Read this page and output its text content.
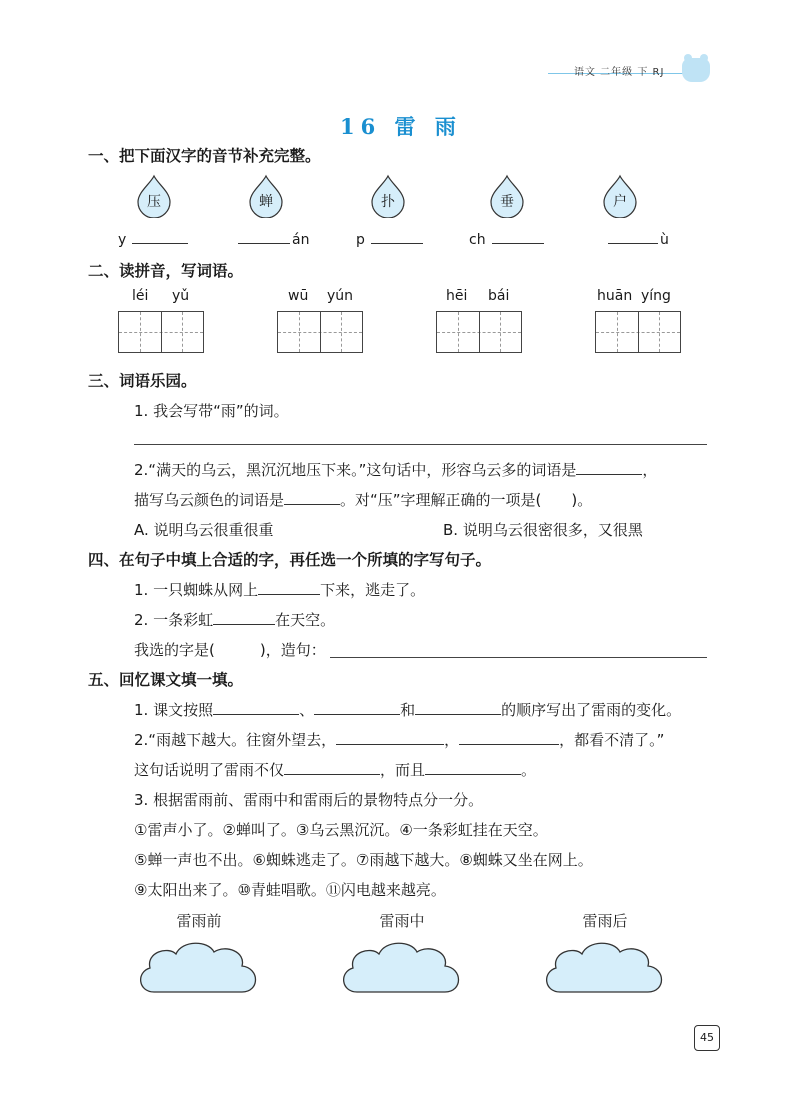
语文 二年级 下 RJ
16 雷 雨
一、把下面汉字的音节补充完整。
压	蝉	扑	垂	户
y	án	p	ch	ù
二、读拼音，写词语。
léi yǔ	wū yún	hēi bái	huān yíng
三、词语乐园。
1. 我会写带“雨”的词。
2.“满天的乌云，黑沉沉地压下来。”这句话中，形容乌云多的词语是	，
描写乌云颜色的词语是	。对“压”字理解正确的一项是(　　)。
A. 说明乌云很重很重	B. 说明乌云很密很多，又很黑
四、在句子中填上合适的字，再任选一个所填的字写句子。
1. 一只蜘蛛从网上	下来，逃走了。
2. 一条彩虹	在天空。
我选的字是(　　　)，造句：
五、回忆课文填一填。
1. 课文按照	、	和	的顺序写出了雷雨的变化。
2.“雨越下越大。往窗外望去，	，	，都看不清了。”
这句话说明了雷雨不仅	，而且	。
3. 根据雷雨前、雷雨中和雷雨后的景物特点分一分。
①雷声小了。②蝉叫了。③乌云黑沉沉。④一条彩虹挂在天空。
⑤蝉一声也不出。⑥蜘蛛逃走了。⑦雨越下越大。⑧蜘蛛又坐在网上。
⑨太阳出来了。⑩青蛙唱歌。⑪闪电越来越亮。
雷雨前	雷雨中	雷雨后
45
